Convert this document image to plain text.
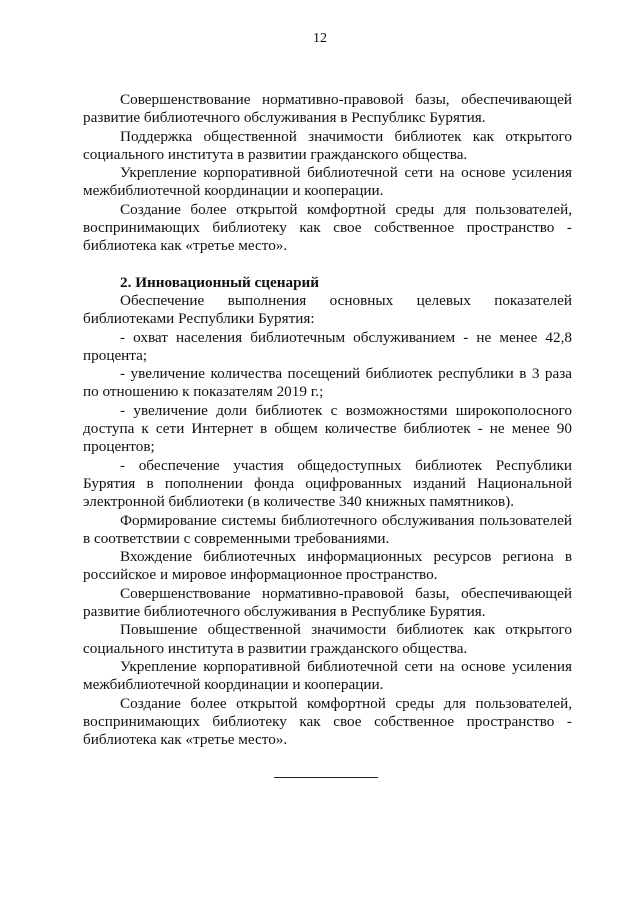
12

Совершенствование нормативно-правовой базы, обеспечивающей развитие библиотечного обслуживания в Республикс Бурятия.

Поддержка общественной значимости библиотек как открытого социального института в развитии гражданского общества.

Укрепление корпоративной библиотечной сети на основе усиления межбиблиотечной координации и кооперации.

Создание более открытой комфортной среды для пользователей, воспринимающих библиотеку как свое собственное пространство - библиотека как «третье место».

2. Инновационный сценарий

Обеспечение выполнения основных целевых показателей библиотеками Республики Бурятия:

- охват населения библиотечным обслуживанием - не менее 42,8 процента;

- увеличение количества посещений библиотек республики в 3 раза по отношению к показателям 2019 г.;

- увеличение доли библиотек с возможностями широкополосного доступа к сети Интернет в общем количестве библиотек - не менее 90 процентов;

- обеспечение участия общедоступных библиотек Республики Бурятия в пополнении фонда оцифрованных изданий Национальной электронной библиотеки (в количестве 340 книжных памятников).

Формирование системы библиотечного обслуживания пользователей в соответствии с современными требованиями.

Вхождение библиотечных информационных ресурсов региона в российское и мировое информационное пространство.

Совершенствование нормативно-правовой базы, обеспечивающей развитие библиотечного обслуживания в Республике Бурятия.

Повышение общественной значимости библиотек как открытого социального института в развитии гражданского общества.

Укрепление корпоративной библиотечной сети на основе усиления межбиблиотечной координации и кооперации.

Создание более открытой комфортной среды для пользователей, воспринимающих библиотеку как свое собственное пространство - библиотека как «третье место».
